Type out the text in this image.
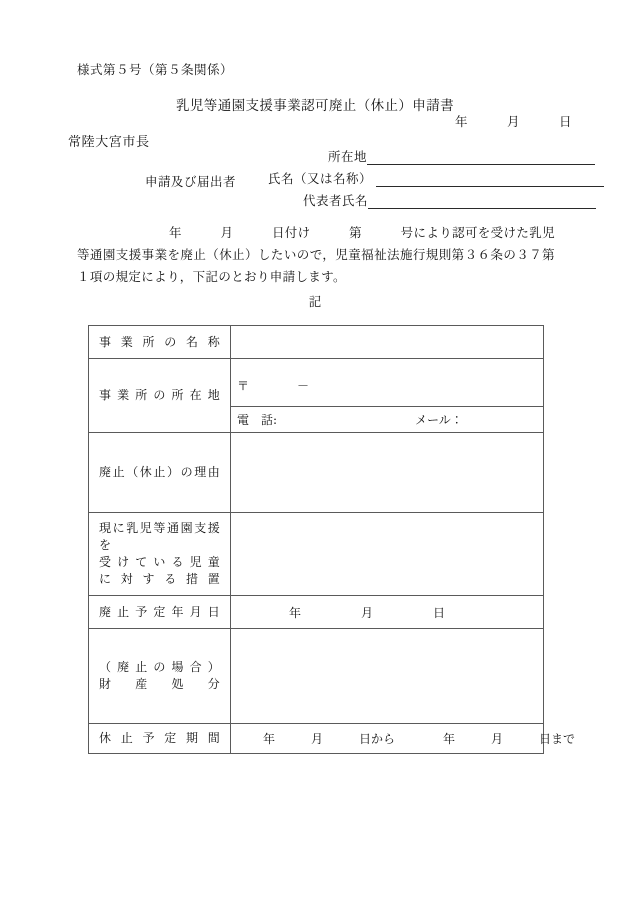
様式第５号（第５条関係）
乳児等通園支援事業認可廃止（休止）申請書
年　　　月　　　日
常陸大宮市長
申請及び届出者
所在地
氏名（又は名称）
代表者氏名
年　　　月　　　日付け　　　第　　　号により認可を受けた乳児等通園支援事業を廃止（休止）したいので，児童福祉法施行規則第３６条の３７第１項の規定により，下記のとおり申請します。
記
事業所の名称	

事業所の所在地	〒　　　　－

	電　話: メール：

廃止（休止）の理由	

現に乳児等通園支援を
受けている児童
に対する措置	

廃止予定年月日	年　　　　　月　　　　　日

（廃止の場合）
財産処分	

休止予定期間	年　　　月　　　日から　　　　年　　　月　　　日まで
